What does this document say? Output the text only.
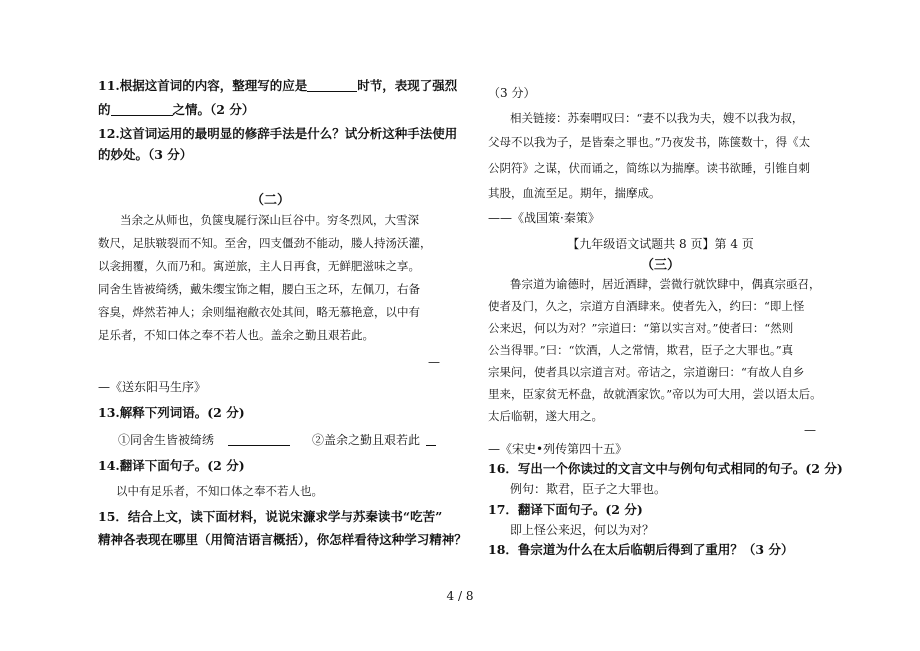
11.根据这首词的内容，整理写的应是	时节，表现了强烈
的	之情。（2 分）
12.这首词运用的最明显的修辞手法是什么？试分析这种手法使用
的妙处。（3 分）
（二）
当余之从师也，负箧曳屣行深山巨谷中。穷冬烈风，大雪深
数尺，足肤皲裂而不知。至舍，四支僵劲不能动，媵人持汤沃灌，
以衾拥覆，久而乃和。寓逆旅，主人日再食，无鲜肥滋味之享。
同舍生皆被绮绣，戴朱缨宝饰之帽，腰白玉之环，左佩刀，右备
容臭，烨然若神人；余则缊袍敝衣处其间，略无慕艳意，以中有
足乐者，不知口体之奉不若人也。盖余之勤且艰若此。
—
—《送东阳马生序》
13.解释下列词语。(2 分)
①同舍生皆被绮绣	②盖余之勤且艰若此
14.翻译下面句子。(2 分)
以中有足乐者，不知口体之奉不若人也。
15．结合上文，读下面材料，说说宋濂求学与苏秦读书“吃苦”
精神各表现在哪里（用简洁语言概括），你怎样看待这种学习精神？
（3 分）
相关链接：苏秦喟叹曰：“妻不以我为夫，嫂不以我为叔，
父母不以我为子，是皆秦之罪也。”乃夜发书，陈箧数十，得《太
公阴符》之谋，伏而诵之，简练以为揣摩。读书欲睡，引锥自刺
其股，血流至足。期年，揣摩成。
——《战国策·秦策》
【九年级语文试题共 8 页】第 4 页
（三）
鲁宗道为谕德时，居近酒肆，尝微行就饮肆中，偶真宗亟召，
使者及门，久之，宗道方自酒肆来。使者先入，约曰：“即上怪
公来迟，何以为对？”宗道曰：“第以实言对。”使者曰：“然则
公当得罪。”曰：“饮酒，人之常情，欺君，臣子之大罪也。”真
宗果问，使者具以宗道言对。帝诘之，宗道谢曰：“有故人自乡
里来，臣家贫无杯盘，故就酒家饮。”帝以为可大用，尝以语太后。
太后临朝，遂大用之。
—
—《宋史•列传第四十五》
16．写出一个你读过的文言文中与例句句式相同的句子。(2 分)
例句：欺君，臣子之大罪也。
17．翻译下面句子。(2 分)
即上怪公来迟，何以为对？
18．鲁宗道为什么在太后临朝后得到了重用？（3 分）
4 / 8
